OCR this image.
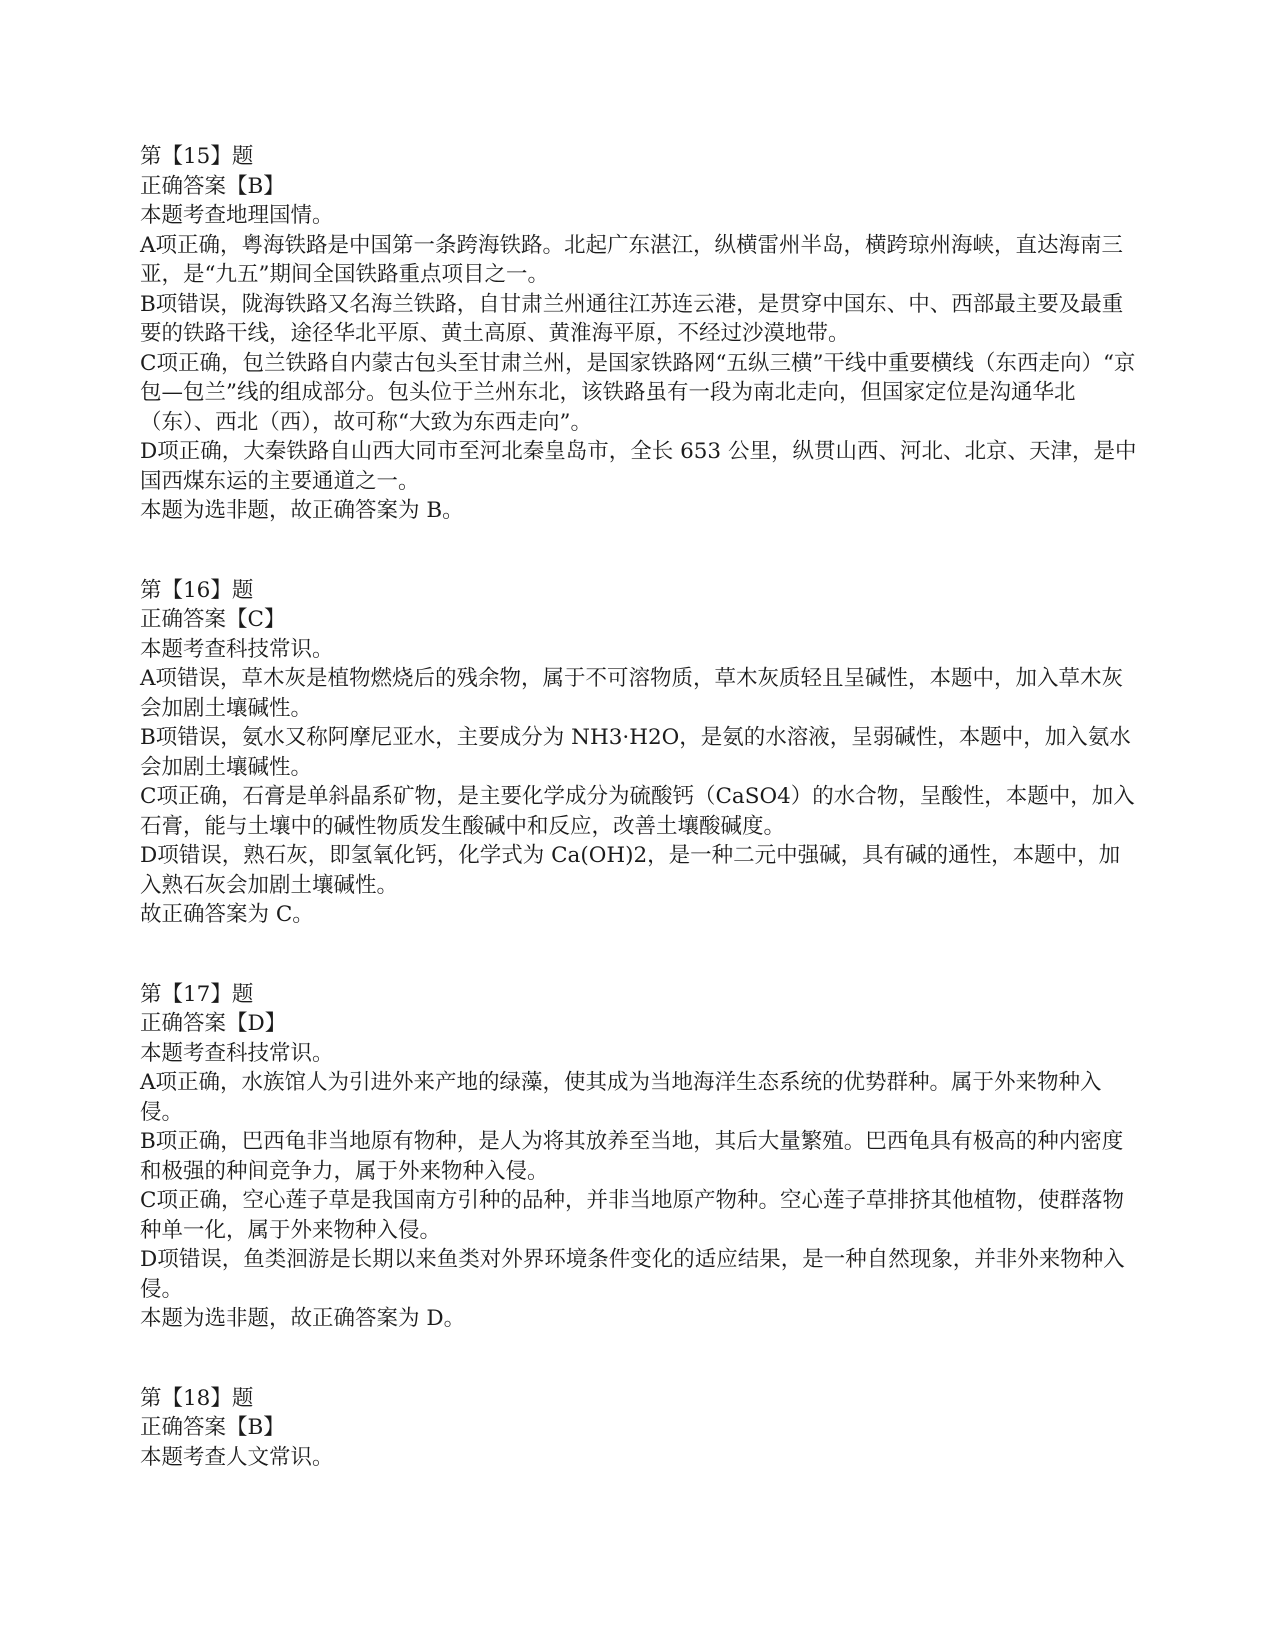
第【15】题

正确答案【B】

本题考查地理国情。

A项正确，粤海铁路是中国第一条跨海铁路。北起广东湛江，纵横雷州半岛，横跨琼州海峡，直达海南三亚，是“九五”期间全国铁路重点项目之一。

B项错误，陇海铁路又名海兰铁路，自甘肃兰州通往江苏连云港，是贯穿中国东、中、西部最主要及最重要的铁路干线，途径华北平原、黄土高原、黄淮海平原，不经过沙漠地带。

C项正确，包兰铁路自内蒙古包头至甘肃兰州，是国家铁路网“五纵三横”干线中重要横线（东西走向）“京包—包兰”线的组成部分。包头位于兰州东北，该铁路虽有一段为南北走向，但国家定位是沟通华北（东）、西北（西），故可称“大致为东西走向”。

D项正确，大秦铁路自山西大同市至河北秦皇岛市，全长 653 公里，纵贯山西、河北、北京、天津，是中国西煤东运的主要通道之一。

本题为选非题，故正确答案为 B。

第【16】题

正确答案【C】

本题考查科技常识。

A项错误，草木灰是植物燃烧后的残余物，属于不可溶物质，草木灰质轻且呈碱性，本题中，加入草木灰会加剧土壤碱性。

B项错误，氨水又称阿摩尼亚水，主要成分为 NH3·H2O，是氨的水溶液，呈弱碱性，本题中，加入氨水会加剧土壤碱性。

C项正确，石膏是单斜晶系矿物，是主要化学成分为硫酸钙（CaSO4）的水合物，呈酸性，本题中，加入石膏，能与土壤中的碱性物质发生酸碱中和反应，改善土壤酸碱度。

D项错误，熟石灰，即氢氧化钙，化学式为 Ca(OH)2，是一种二元中强碱，具有碱的通性，本题中，加入熟石灰会加剧土壤碱性。

故正确答案为 C。

第【17】题

正确答案【D】

本题考查科技常识。

A项正确，水族馆人为引进外来产地的绿藻，使其成为当地海洋生态系统的优势群种。属于外来物种入侵。

B项正确，巴西龟非当地原有物种，是人为将其放养至当地，其后大量繁殖。巴西龟具有极高的种内密度和极强的种间竞争力，属于外来物种入侵。

C项正确，空心莲子草是我国南方引种的品种，并非当地原产物种。空心莲子草排挤其他植物，使群落物种单一化，属于外来物种入侵。

D项错误，鱼类洄游是长期以来鱼类对外界环境条件变化的适应结果，是一种自然现象，并非外来物种入侵。

本题为选非题，故正确答案为 D。

第【18】题

正确答案【B】

本题考查人文常识。
